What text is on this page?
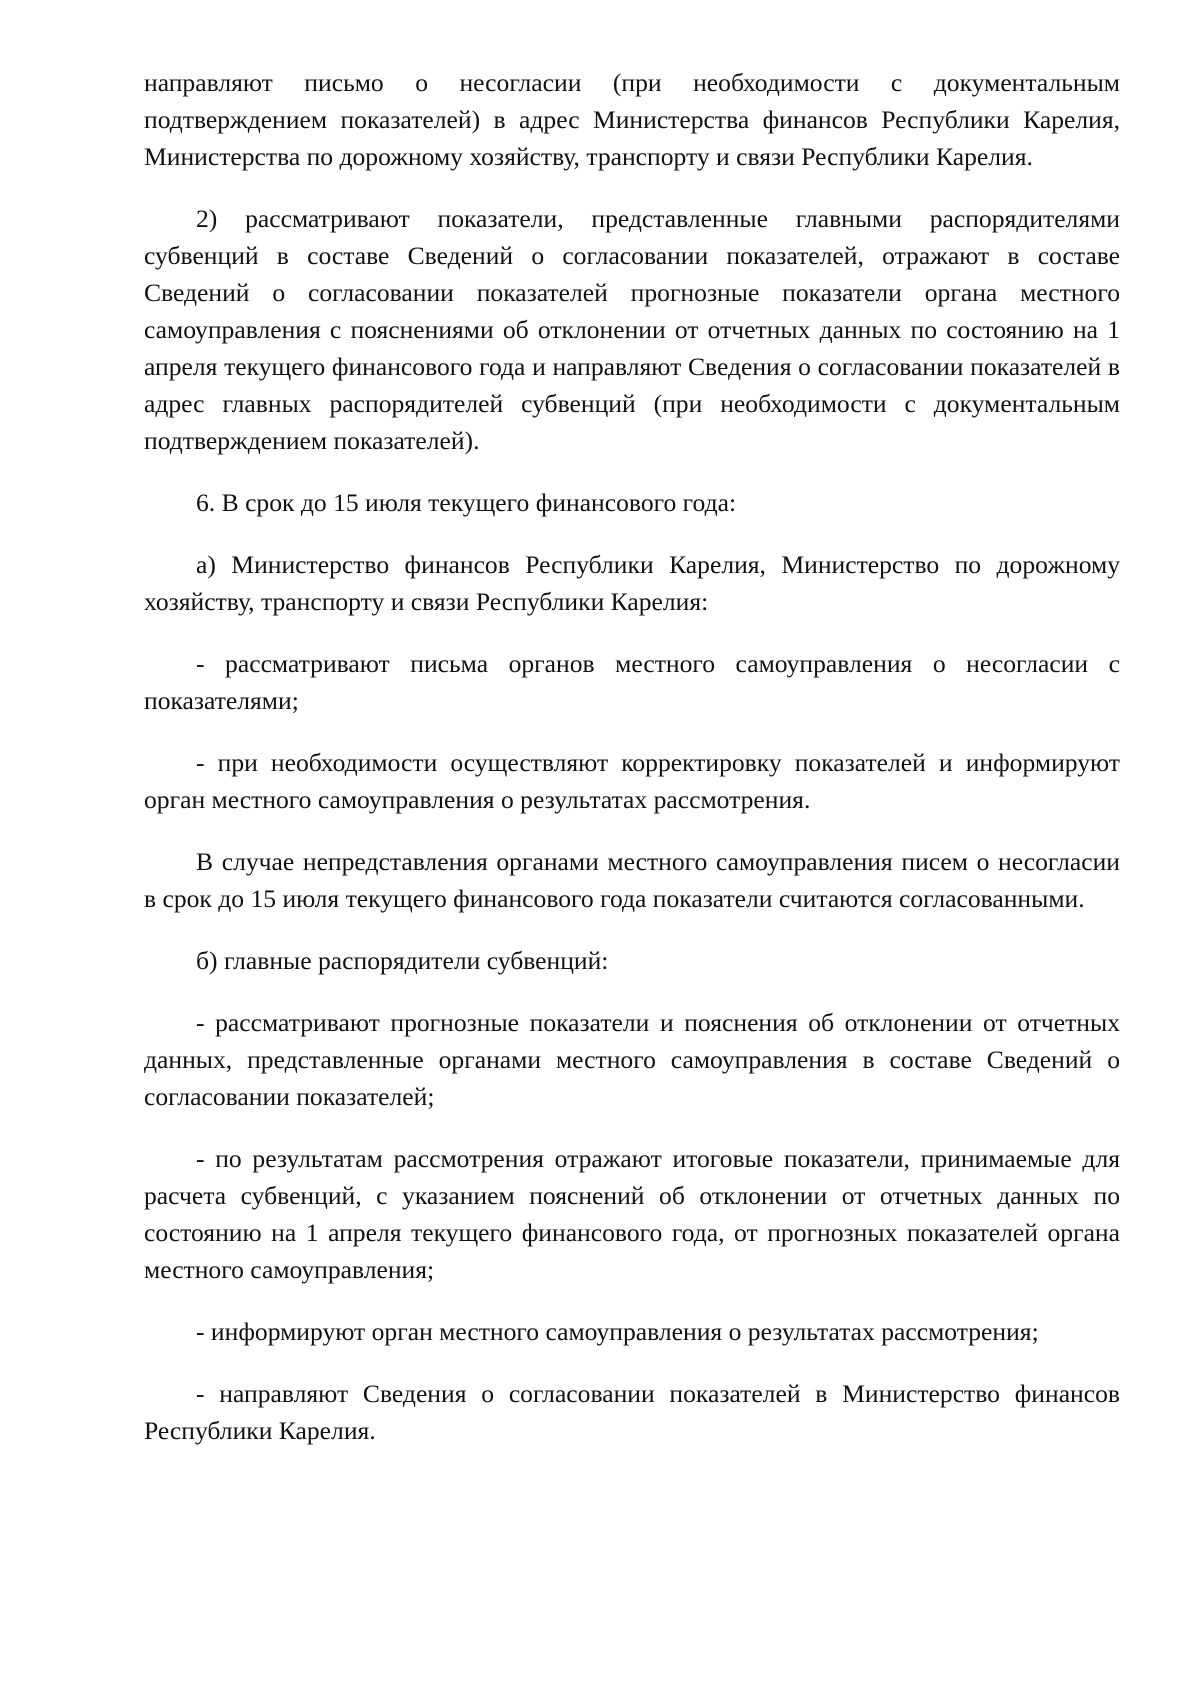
направляют письмо о несогласии (при необходимости с документальным подтверждением показателей) в адрес Министерства финансов Республики Карелия, Министерства по дорожному хозяйству, транспорту и связи Республики Карелия.

2) рассматривают показатели, представленные главными распорядителями субвенций в составе Сведений о согласовании показателей, отражают в составе Сведений о согласовании показателей прогнозные показатели органа местного самоуправления с пояснениями об отклонении от отчетных данных по состоянию на 1 апреля текущего финансового года и направляют Сведения о согласовании показателей в адрес главных распорядителей субвенций (при необходимости с документальным подтверждением показателей).

6. В срок до 15 июля текущего финансового года:

а) Министерство финансов Республики Карелия, Министерство по дорожному хозяйству, транспорту и связи Республики Карелия:

- рассматривают письма органов местного самоуправления о несогласии с показателями;

- при необходимости осуществляют корректировку показателей и информируют орган местного самоуправления о результатах рассмотрения.

В случае непредставления органами местного самоуправления писем о несогласии в срок до 15 июля текущего финансового года показатели считаются согласованными.

б) главные распорядители субвенций:

- рассматривают прогнозные показатели и пояснения об отклонении от отчетных данных, представленные органами местного самоуправления в составе Сведений о согласовании показателей;

- по результатам рассмотрения отражают итоговые показатели, принимаемые для расчета субвенций, с указанием пояснений об отклонении от отчетных данных по состоянию на 1 апреля текущего финансового года, от прогнозных показателей органа местного самоуправления;

- информируют орган местного самоуправления о результатах рассмотрения;

- направляют Сведения о согласовании показателей в Министерство финансов Республики Карелия.
